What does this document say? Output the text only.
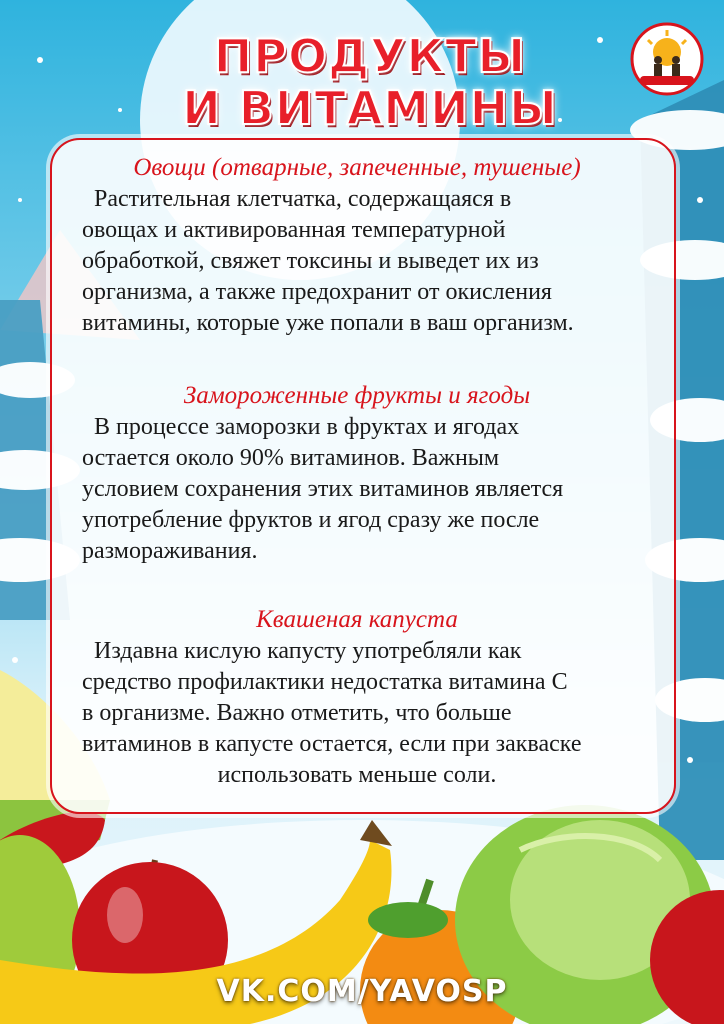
ПРОДУКТЫ
И ВИТАМИНЫ
Овощи (отварные, запеченные, тушеные)
Растительная клетчатка, содержащаяся в
овощах и активированная температурной
обработкой, свяжет токсины и выведет их из
организма, а также предохранит от окисления
витамины, которые уже попали в ваш организм.
Замороженные фрукты и ягоды
В процессе заморозки в фруктах и ягодах
остается около 90% витаминов. Важным
условием сохранения этих витаминов является
употребление фруктов и ягод сразу же после
размораживания.
Квашеная капуста
Издавна кислую капусту употребляли как
средство профилактики недостатка витамина С
в организме. Важно отметить, что больше
витаминов в капусте остается, если при закваске
использовать меньше соли.
VK.COM/YAVOSP
